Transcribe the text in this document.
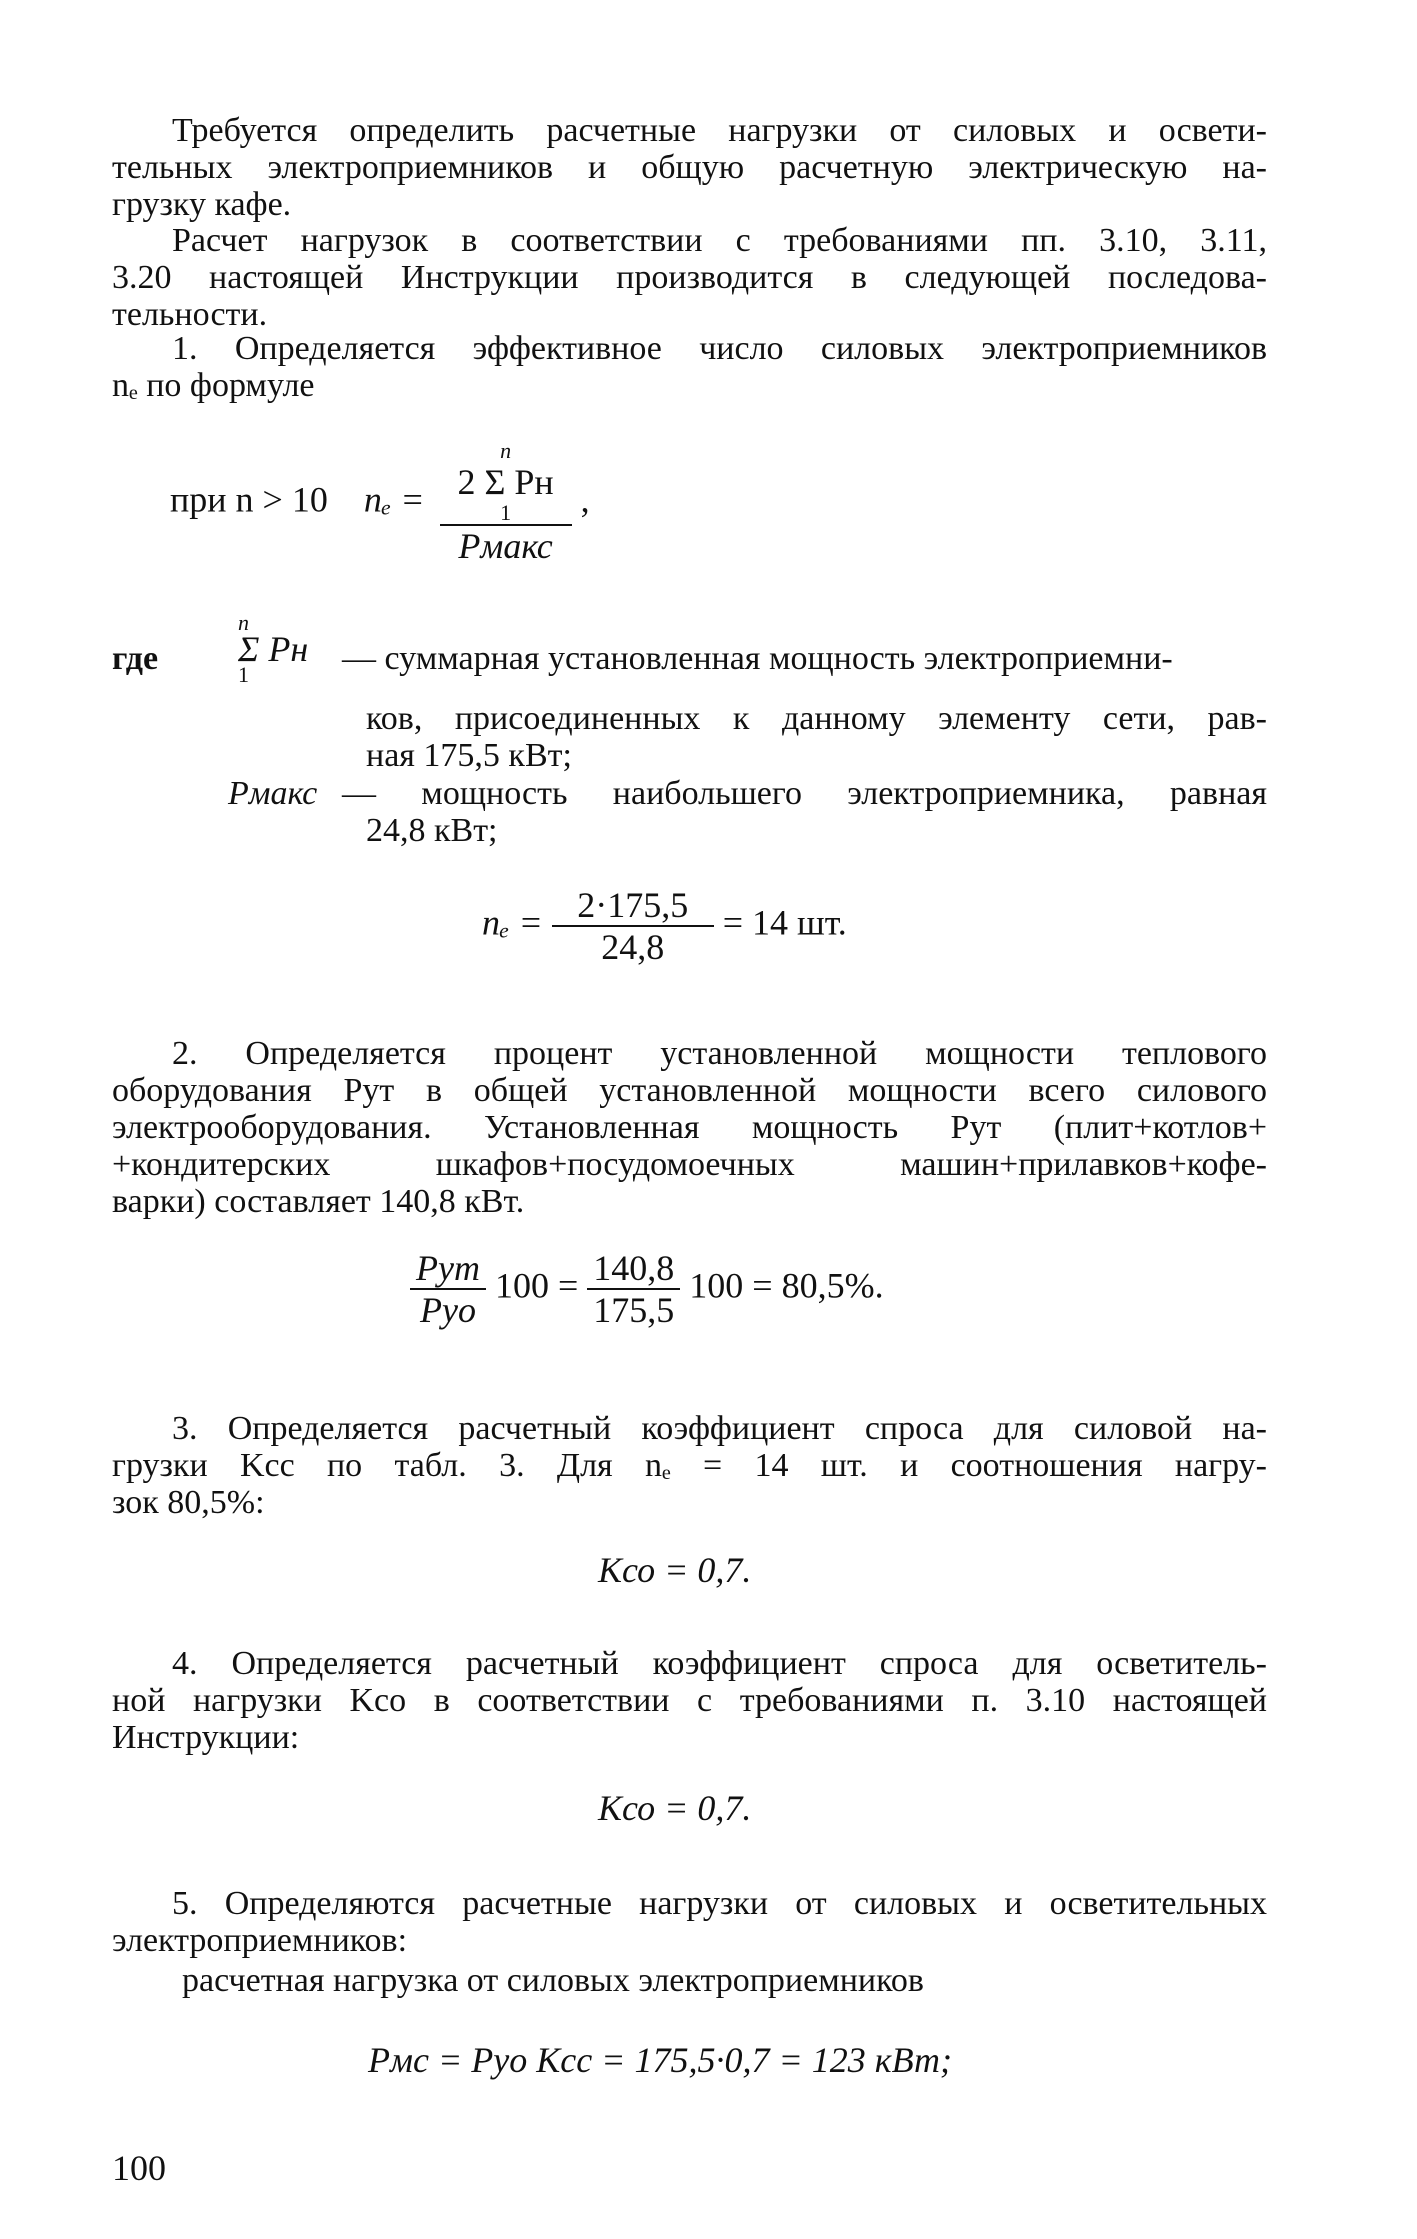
Требуется определить расчетные нагрузки от силовых и освети-
тельных электроприемников и общую расчетную электрическую на-
грузку кафе.
Расчет нагрузок в соответствии с требованиями пп. 3.10, 3.11,
3.20 настоящей Инструкции производится в следующей последова-
тельности.
1. Определяется эффективное число силовых электроприемников
nₑ по формуле
при n > 10 nₑ =
n
2 Σ Pн
1
Pмакс
,
где
n
Σ Pн
1	— суммарная установленная мощность электроприемни-
ков, присоединенных к данному элементу сети, рав-
ная 175,5 кВт;
Pмакс — мощность наибольшего электроприемника, равная
24,8 кВт;
$n_e = \frac{2\cdot 175,5}{24,8} = 14$ шт.
2. Определяется процент установленной мощности теплового
оборудования Pут в общей установленной мощности всего силового
электрооборудования. Установленная мощность Pут (плит+котлов+
+кондитерских шкафов+посудомоечных машин+прилавков+кофе-
варки) составляет 140,8 кВт.
$\frac{\text{Pут}}{\text{Pуо}} 100 = \frac{140,8}{175,5} 100 = 80,5\%$.
3. Определяется расчетный коэффициент спроса для силовой на-
грузки Kсс по табл. 3. Для nₑ = 14 шт. и соотношения нагру-
зок 80,5%:
Kсо = 0,7.
4. Определяется расчетный коэффициент спроса для осветитель-
ной нагрузки Kсо в соответствии с требованиями п. 3.10 настоящей
Инструкции:
Kсо = 0,7.
5. Определяются расчетные нагрузки от силовых и осветительных
электроприемников:
расчетная нагрузка от силовых электроприемников
Pмс = Pуо Kсс = 175,5·0,7 = 123 кВт;
100
